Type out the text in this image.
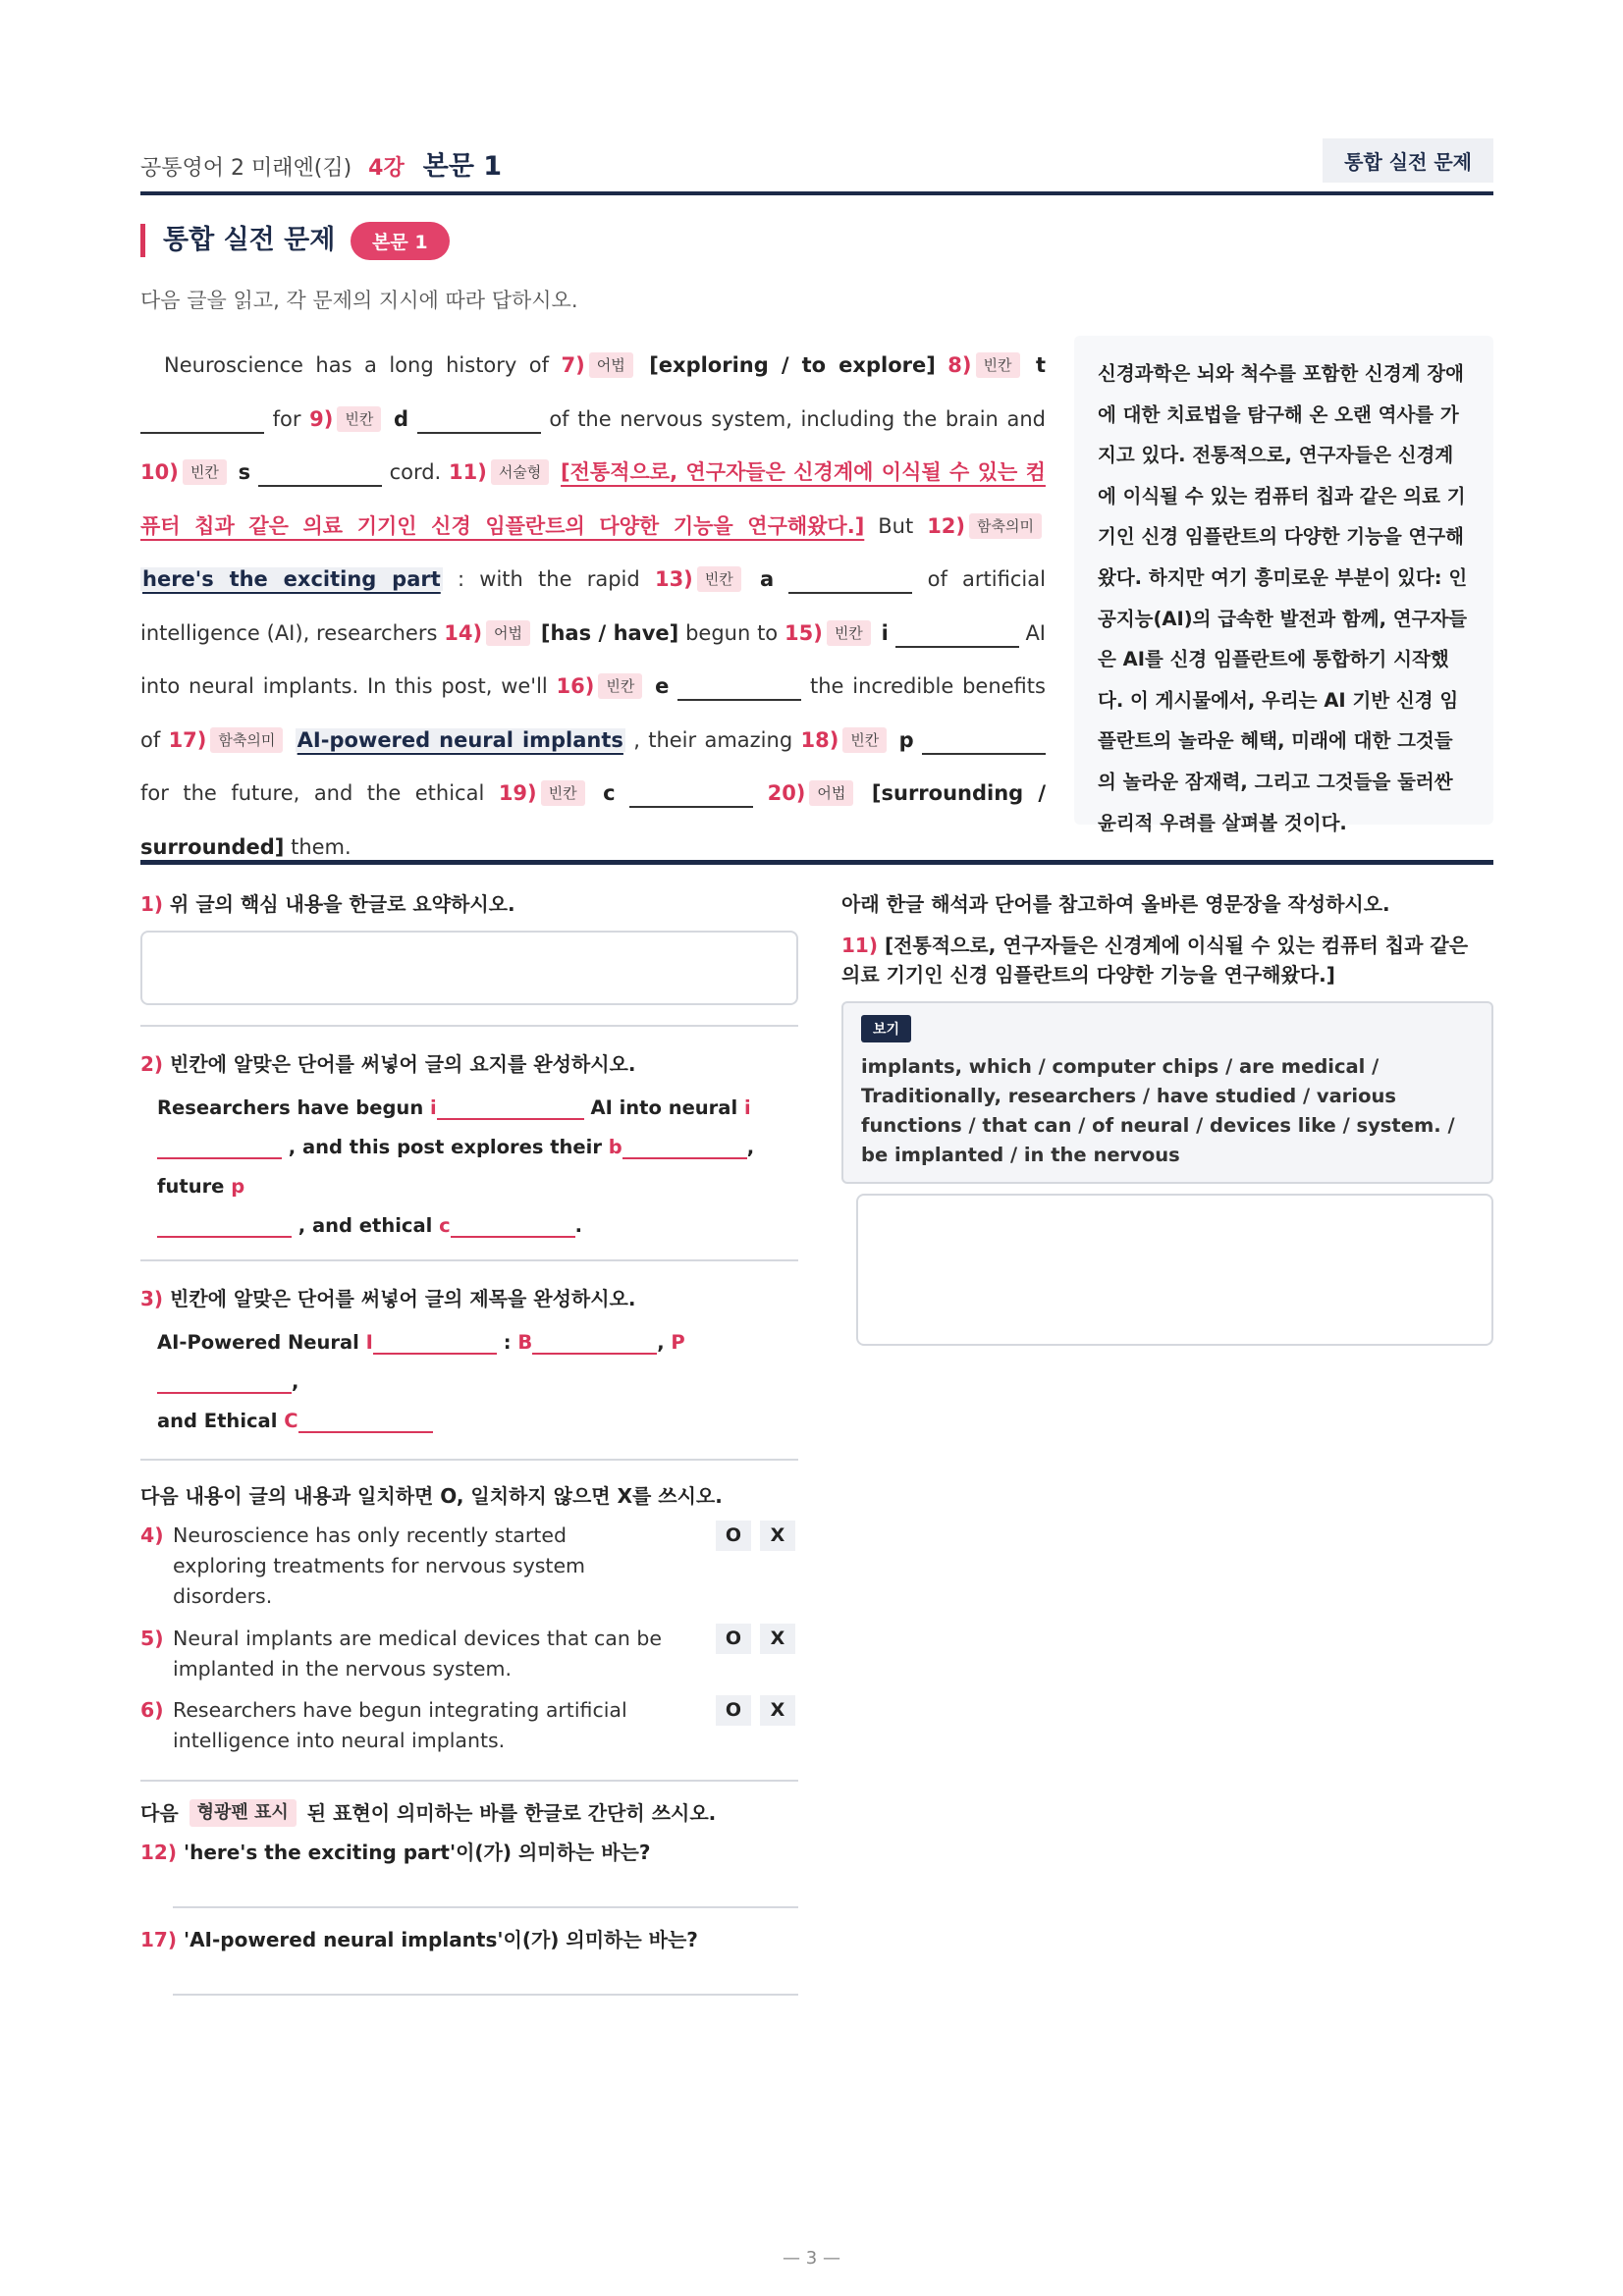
공통영어 2 미래엔(김) 4강 본문 1	통합 실전 문제
통합 실전 문제	본문 1
다음 글을 읽고, 각 문제의 지시에 따라 답하시오.
Neuroscience has a long history of 7) 어법 [exploring / to explore] 8) 빈칸 t  for 9) 빈칸 d	of the nervous system, including the brain and 10) 빈칸 s	cord. 11) 서술형 [전통적으로, 연구자들은 신경계에 이식될 수 있는 컴퓨터 칩과 같은 의료 기기인 신경 임플란트의 다양한 기능을 연구해왔다.] But 12) 함축의미 here's the exciting part : with the rapid 13) 빈칸 a	of artificial intelligence (AI), researchers 14) 어법 [has / have] begun to 15) 빈칸 i	AI into neural implants. In this post, we'll 16) 빈칸 e	the incredible benefits of 17) 함축의미 AI-powered neural implants , their amazing 18) 빈칸 p  for the future, and the ethical 19) 빈칸 c	20) 어법 [surrounding / surrounded] them.
신경과학은 뇌와 척수를 포함한 신경계 장애에 대한 치료법을 탐구해 온 오랜 역사를 가지고 있다. 전통적으로, 연구자들은 신경계에 이식될 수 있는 컴퓨터 칩과 같은 의료 기기인 신경 임플란트의 다양한 기능을 연구해왔다. 하지만 여기 흥미로운 부분이 있다: 인공지능(AI)의 급속한 발전과 함께, 연구자들은 AI를 신경 임플란트에 통합하기 시작했다. 이 게시물에서, 우리는 AI 기반 신경 임플란트의 놀라운 혜택, 미래에 대한 그것들의 놀라운 잠재력, 그리고 그것들을 둘러싼 윤리적 우려를 살펴볼 것이다.
1) 위 글의 핵심 내용을 한글로 요약하시오.
2) 빈칸에 알맞은 단어를 써넣어 글의 요지를 완성하시오.
Researchers have begun i	AI into neural i
, and this post explores their b	, future p
, and ethical c	.
3) 빈칸에 알맞은 단어를 써넣어 글의 제목을 완성하시오.
AI-Powered Neural I	: B	, P,
and Ethical C
다음 내용이 글의 내용과 일치하면 O, 일치하지 않으면 X를 쓰시오.
4) Neuroscience has only recently started exploring treatments for nervous system disorders.
O	X
5) Neural implants are medical devices that can be implanted in the nervous system.
O	X
6) Researchers have begun integrating artificial intelligence into neural implants.
O	X
다음 형광펜 표시 된 표현이 의미하는 바를 한글로 간단히 쓰시오.
12) 'here's the exciting part'이(가) 의미하는 바는?
17) 'AI-powered neural implants'이(가) 의미하는 바는?
아래 한글 해석과 단어를 참고하여 올바른 영문장을 작성하시오.
11) [전통적으로, 연구자들은 신경계에 이식될 수 있는 컴퓨터 칩과 같은 의료 기기인 신경 임플란트의 다양한 기능을 연구해왔다.]
보기
implants, which / computer chips / are medical / Traditionally, researchers / have studied / various functions / that can / of neural / devices like / system. / be implanted / in the nervous
— 3 —
